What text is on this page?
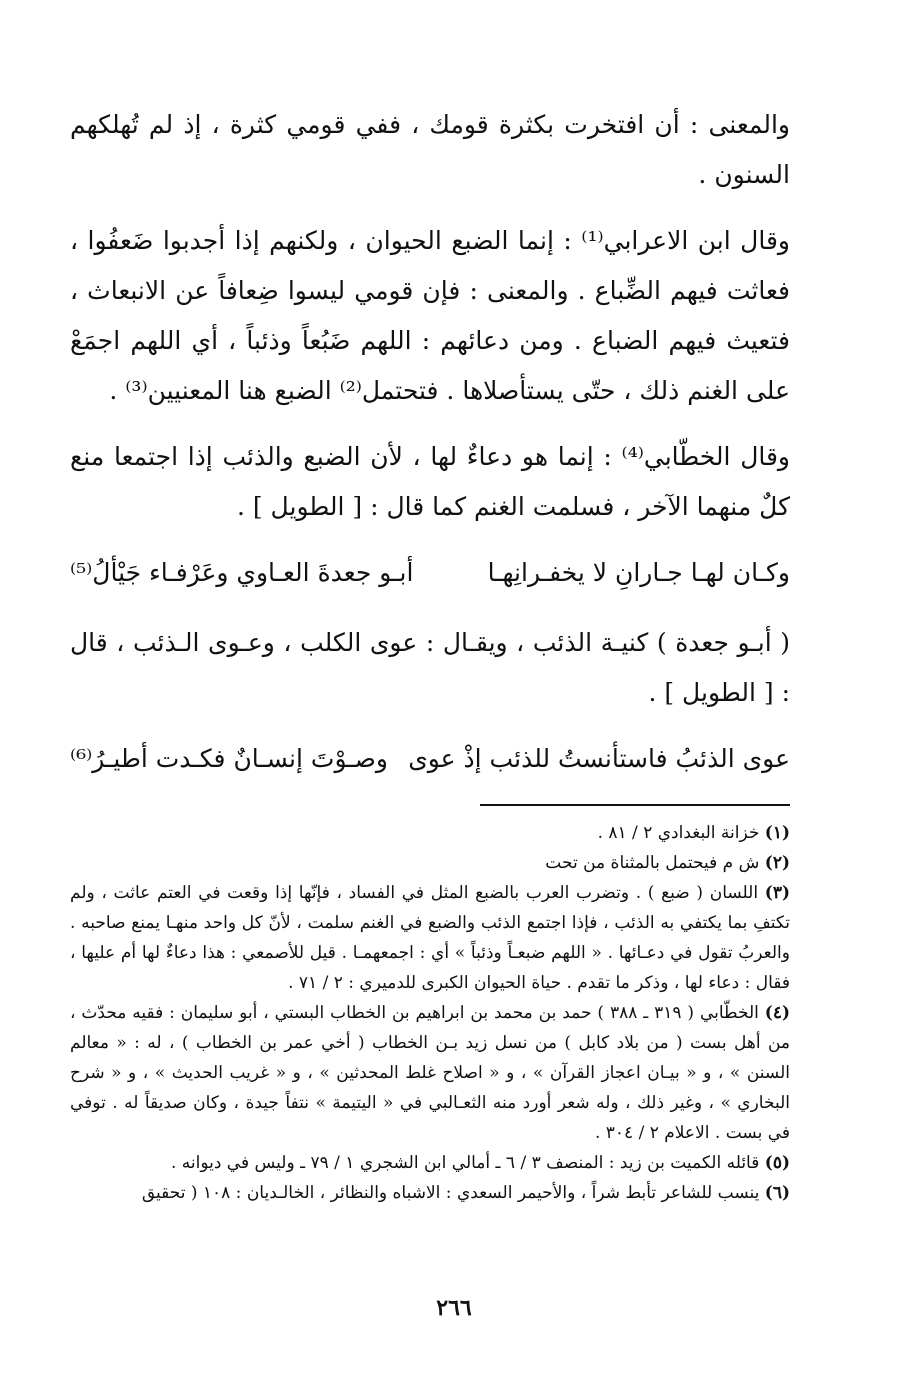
والمعنى : أن افتخرت بكثرة قومك ، ففي قومي كثرة ، إذ لم تُهلكهم السنون .

وقال ابن الاعرابي⁽¹⁾ : إنما الضبع الحيوان ، ولكنهم إذا أجدبوا ضَعفُوا ، فعاثت فيهم الضِّباع . والمعنى : فإن قومي ليسوا ضِعافاً عن الانبعاث ، فتعيث فيهم الضباع . ومن دعائهم : اللهم ضَبُعاً وذئباً ، أي اللهم اجمَعْ على الغنم ذلك ، حتّى يستأصلاها . فتحتمل⁽²⁾ الضبع هنا المعنيين⁽³⁾ .

وقال الخطّابي⁽⁴⁾ : إنما هو دعاءٌ لها ، لأن الضبع والذئب إذا اجتمعا منع كلٌ منهما الآخر ، فسلمت الغنم كما قال : [ الطويل ] .

وكـان لهـا جـارانِ لا يخفـرانِهـا
أبـو جعدةَ العـاوي وعَرْفـاء جَيْألُ⁽⁵⁾

( أبـو جعدة ) كنيـة الذئب ، ويقـال : عوى الكلب ، وعـوى الـذئب ، قال : [ الطويل ] .

عوى الذئبُ فاستأنستُ للذئب إذْ عوى
وصـوْتَ إنسـانٌ فكـدت أطيـرُ⁽⁶⁾

(١) خزانة البغدادي ٢ / ٨١ .

(٢) ش م فيحتمل بالمثناة من تحت

(٣) اللسان ( ضبع ) . وتضرب العرب بالضبع المثل في الفساد ، فإنّها إذا وقعت في العتم عاثت ، ولم تكتفِ بما يكتفي به الذئب ، فإذا اجتمع الذئب والضبع في الغنم سلمت ، لأنّ كل واحد منهـا يمنع صاحبه . والعربُ تقول في دعـائها . « اللهم ضبعـاً وذئباً » أي : اجمعهمـا . قيل للأصمعي : هذا دعاءٌ لها أم عليها ، فقال : دعاء لها ، وذكر ما تقدم . حياة الحيوان الكبرى للدميري : ٢ / ٧١ .

(٤) الخطّابي ( ٣١٩ ـ ٣٨٨ ) حمد بن محمد بن ابراهيم بن الخطاب البستي ، أبو سليمان : فقيه محدّث ، من أهل بست ( من بلاد كابل ) من نسل زيد بـن الخطاب ( أخي عمر بن الخطاب ) ، له : « معالم السنن » ، و « بيـان اعجاز القرآن » ، و « اصلاح غلط المحدثين » ، و « غريب الحديث » ، و « شرح البخاري » ، وغير ذلك ، وله شعر أورد منه الثعـالبي في « اليتيمة » نتفاً جيدة ، وكان صديقاً له . توفي في بست . الاعلام ٢ / ٣٠٤ .

(٥) قائله الكميت بن زيد : المنصف ٣ / ٦ ـ أمالي ابن الشجري ١ / ٧٩ ـ وليس في ديوانه .

(٦) ينسب للشاعر تأبط شراً ، والأحيمر السعدي : الاشباه والنظائر ، الخالـديان : ١٠٨ ( تحقيق

٢٦٦
